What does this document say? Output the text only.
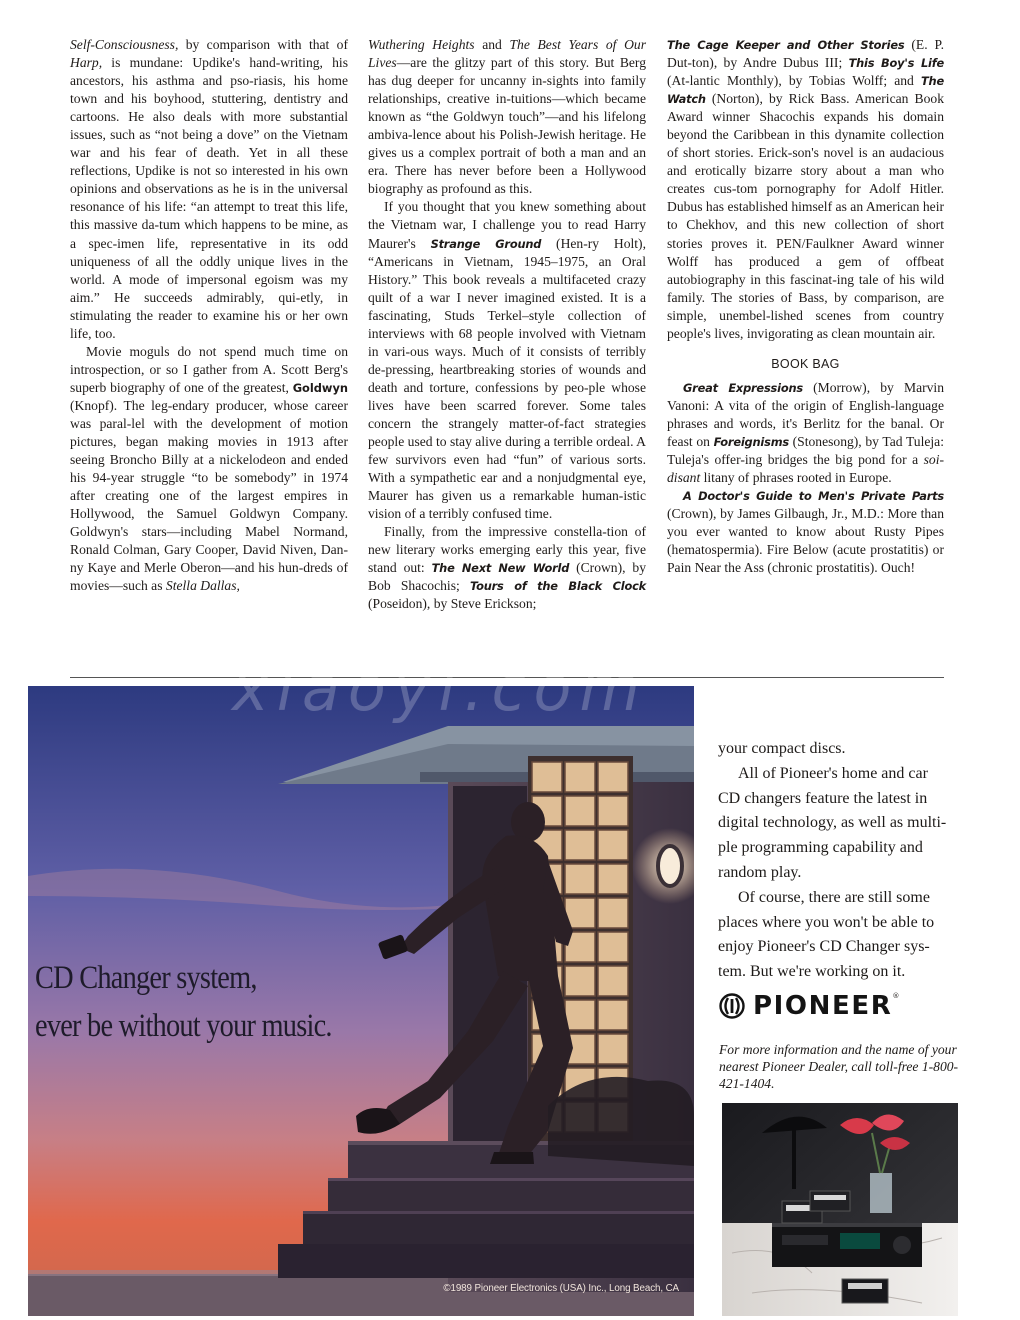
Self-Consciousness, by comparison with that of Harp, is mundane: Updike's hand-writing, his ancestors, his asthma and pso-riasis, his home town and his boyhood, stuttering, dentistry and cartoons. He also deals with more substantial issues, such as “not being a dove” on the Vietnam war and his fear of death. Yet in all these reflections, Updike is not so interested in his own opinions and observations as he is in the universal resonance of his life: “an attempt to treat this life, this massive da-tum which happens to be mine, as a spec-imen life, representative in its odd uniqueness of all the oddly unique lives in the world. A mode of impersonal egoism was my aim.” He succeeds admirably, qui-etly, in stimulating the reader to examine his or her own life, too.

Movie moguls do not spend much time on introspection, or so I gather from A. Scott Berg's superb biography of one of the greatest, Goldwyn (Knopf). The leg-endary producer, whose career was paral-lel with the development of motion pictures, began making movies in 1913 after seeing Broncho Billy at a nickelodeon and ended his 94-year struggle “to be somebody” in 1974 after creating one of the largest empires in Hollywood, the Samuel Goldwyn Company. Goldwyn's stars—including Mabel Normand, Ronald Colman, Gary Cooper, David Niven, Dan-ny Kaye and Merle Oberon—and his hun-dreds of movies—such as Stella Dallas,

Wuthering Heights and The Best Years of Our Lives—are the glitzy part of this story. But Berg has dug deeper for uncanny in-sights into family relationships, creative in-tuitions—which became known as “the Goldwyn touch”—and his lifelong ambiva-lence about his Polish-Jewish heritage. He gives us a complex portrait of both a man and an era. There has never before been a Hollywood biography as profound as this.

If you thought that you knew something about the Vietnam war, I challenge you to read Harry Maurer's Strange Ground (Hen-ry Holt), “Americans in Vietnam, 1945–1975, an Oral History.” This book reveals a multifaceted crazy quilt of a war I never imagined existed. It is a fascinating, Studs Terkel–style collection of interviews with 68 people involved with Vietnam in vari-ous ways. Much of it consists of terribly de-pressing, heartbreaking stories of wounds and death and torture, confessions by peo-ple whose lives have been scarred forever. Some tales concern the strangely matter-of-fact strategies people used to stay alive during a terrible ordeal. A few survivors even had “fun” of various sorts. With a sympathetic ear and a nonjudgmental eye, Maurer has given us a remarkable human-istic vision of a terribly confused time.

Finally, from the impressive constella-tion of new literary works emerging early this year, five stand out: The Next New World (Crown), by Bob Shacochis; Tours of the Black Clock (Poseidon), by Steve Erickson;

The Cage Keeper and Other Stories (E. P. Dut-ton), by Andre Dubus III; This Boy's Life (At-lantic Monthly), by Tobias Wolff; and The Watch (Norton), by Rick Bass. American Book Award winner Shacochis expands his domain beyond the Caribbean in this dynamite collection of short stories. Erick-son's novel is an audacious and erotically bizarre story about a man who creates cus-tom pornography for Adolf Hitler. Dubus has established himself as an American heir to Chekhov, and this new collection of short stories proves it. PEN/Faulkner Award winner Wolff has produced a gem of offbeat autobiography in this fascinat-ing tale of his wild family. The stories of Bass, by comparison, are simple, unembel-lished scenes from country people's lives, invigorating as clean mountain air.

BOOK BAG

Great Expressions (Morrow), by Marvin Vanoni: A vita of the origin of English-language phrases and words, it's Berlitz for the banal. Or feast on Foreignisms (Stonesong), by Tad Tuleja: Tuleja's offer-ing bridges the big pond for a soi-disant litany of phrases rooted in Europe.

A Doctor's Guide to Men's Private Parts (Crown), by James Gilbaugh, Jr., M.D.: More than you ever wanted to know about Rusty Pipes (hematospermia). Fire Below (acute prostatitis) or Pain Near the Ass (chronic prostatitis). Ouch!

CD Changer system,
ever be without your music.
©1989 Pioneer Electronics (USA) Inc., Long Beach, CA
xiaoyi.com

your compact discs.

All of Pioneer's home and car CD changers feature the latest in digital technology, as well as multi-ple programming capability and random play.

Of course, there are still some places where you won't be able to enjoy Pioneer's CD Changer sys-tem. But we're working on it.

PIONEER ®
For more information and the name of your nearest Pioneer Dealer, call toll-free 1-800-421-1404.
